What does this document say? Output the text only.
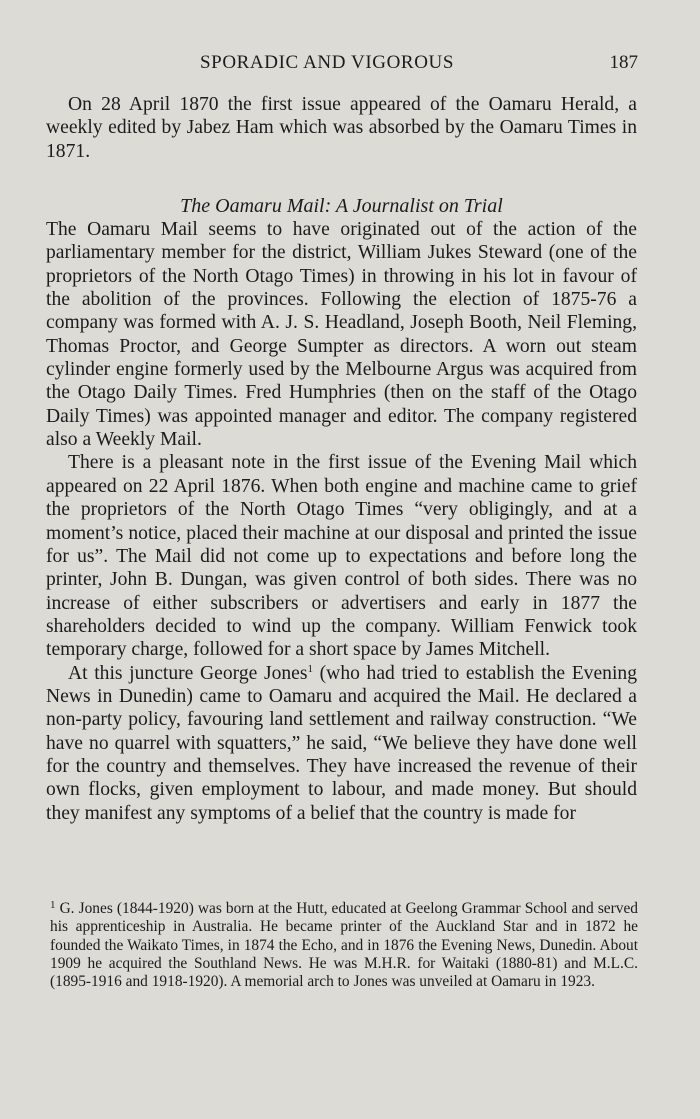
SPORADIC AND VIGOROUS	187

On 28 April 1870 the first issue appeared of the Oamaru Herald, a weekly edited by Jabez Ham which was absorbed by the Oamaru Times in 1871.

The Oamaru Mail: A Journalist on Trial

The Oamaru Mail seems to have originated out of the action of the parliamentary member for the district, William Jukes Steward (one of the proprietors of the North Otago Times) in throwing in his lot in favour of the abolition of the provinces. Following the election of 1875-76 a company was formed with A. J. S. Headland, Joseph Booth, Neil Fleming, Thomas Proctor, and George Sumpter as directors. A worn out steam cylinder engine formerly used by the Melbourne Argus was acquired from the Otago Daily Times. Fred Humphries (then on the staff of the Otago Daily Times) was appointed manager and editor. The company registered also a Weekly Mail.

There is a pleasant note in the first issue of the Evening Mail which appeared on 22 April 1876. When both engine and machine came to grief the proprietors of the North Otago Times “very obligingly, and at a moment’s notice, placed their machine at our disposal and printed the issue for us”. The Mail did not come up to expectations and before long the printer, John B. Dungan, was given control of both sides. There was no increase of either subscribers or advertisers and early in 1877 the shareholders decided to wind up the company. William Fenwick took temporary charge, followed for a short space by James Mitchell.

At this juncture George Jones$^1$ (who had tried to establish the Evening News in Dunedin) came to Oamaru and acquired the Mail. He declared a non-party policy, favouring land settlement and railway construction. “We have no quarrel with squatters,” he said, “We believe they have done well for the country and themselves. They have increased the revenue of their own flocks, given employment to labour, and made money. But should they manifest any symptoms of a belief that the country is made for

$^1$ G. Jones (1844-1920) was born at the Hutt, educated at Geelong Grammar School and served his apprenticeship in Australia. He became printer of the Auckland Star and in 1872 he founded the Waikato Times, in 1874 the Echo, and in 1876 the Evening News, Dunedin. About 1909 he acquired the Southland News. He was M.H.R. for Waitaki (1880-81) and M.L.C. (1895-1916 and 1918-1920). A memorial arch to Jones was unveiled at Oamaru in 1923.
